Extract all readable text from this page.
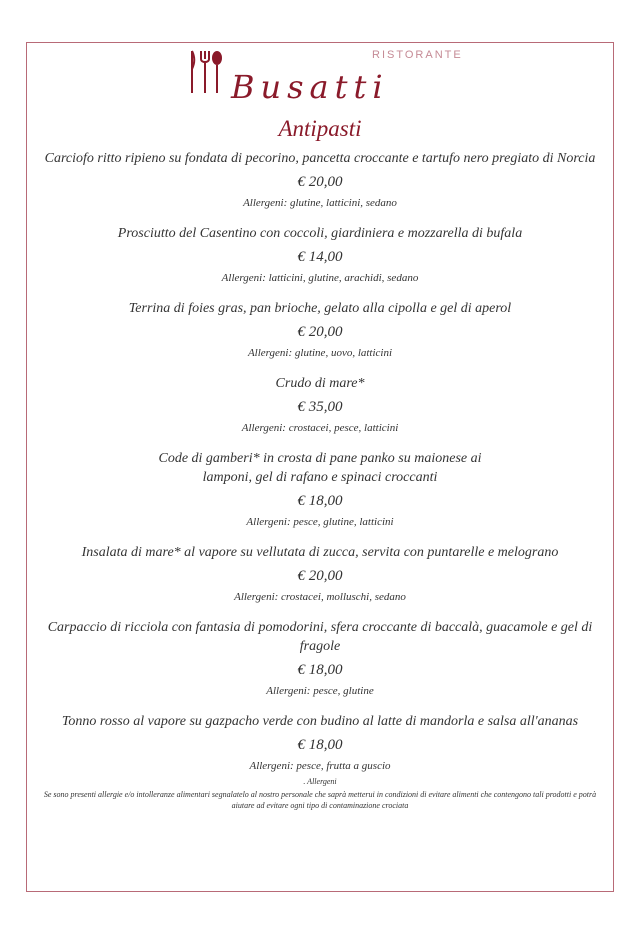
RISTORANTE
Busatti
Antipasti
Carciofo ritto ripieno su fondata di pecorino, pancetta croccante e tartufo nero pregiato di Norcia
€ 20,00
Allergeni: glutine, latticini, sedano
Prosciutto del Casentino con coccoli, giardiniera e mozzarella di bufala
€ 14,00
Allergeni: latticini, glutine, arachidi, sedano
Terrina di foies gras, pan brioche, gelato alla cipolla e gel di aperol
€ 20,00
Allergeni: glutine, uovo, latticini
Crudo di mare*
€ 35,00
Allergeni: crostacei, pesce, latticini
Code di gamberi* in crosta di pane panko su maionese ai lamponi, gel di rafano e spinaci croccanti
€ 18,00
Allergeni: pesce, glutine, latticini
Insalata di mare* al vapore su vellutata di zucca, servita con puntarelle e melograno
€ 20,00
Allergeni: crostacei, molluschi, sedano
Carpaccio di ricciola con fantasia di pomodorini, sfera croccante di baccalà, guacamole e gel di fragole
€ 18,00
Allergeni: pesce, glutine
Tonno rosso al vapore su gazpacho verde con budino al latte di mandorla e salsa all'ananas
€ 18,00
Allergeni: pesce, frutta a guscio
. Allergeni
Se sono presenti allergie e/o intolleranze alimentari segnalatelo al nostro personale che saprà metterui in condizioni di evitare alimenti che contengono tali prodotti e potrà aiutare ad evitare ogni tipo di contaminazione crociata
